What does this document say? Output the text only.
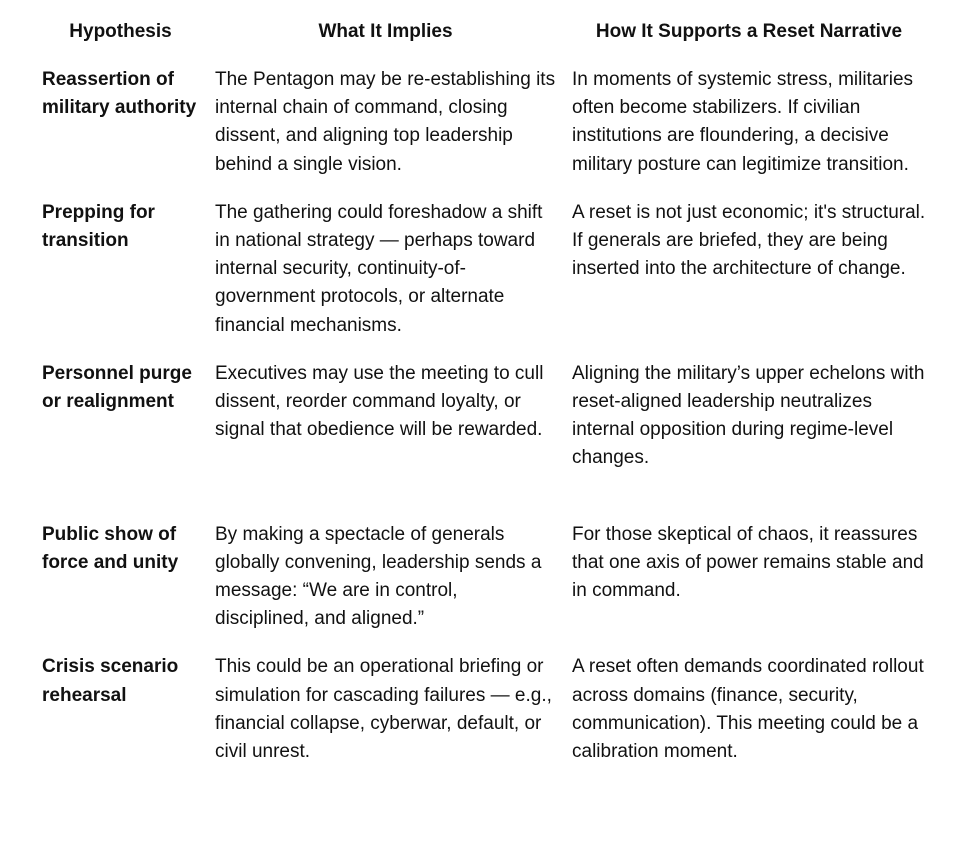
Hypothesis	What It Implies	How It Supports a Reset Narrative
Reassertion of military authority	The Pentagon may be re-establishing its internal chain of command, closing dissent, and aligning top leadership behind a single vision.	In moments of systemic stress, militaries often become stabilizers. If civilian institutions are floundering, a decisive military posture can legitimize transition.
Prepping for transition	The gathering could foreshadow a shift in national strategy — perhaps toward internal security, continuity-of-government protocols, or alternate financial mechanisms.	A reset is not just economic; it's structural. If generals are briefed, they are being inserted into the architecture of change.
Personnel purge or realignment	Executives may use the meeting to cull dissent, reorder command loyalty, or signal that obedience will be rewarded.	Aligning the military’s upper echelons with reset-aligned leadership neutralizes internal opposition during regime-level changes.
Public show of force and unity	By making a spectacle of generals globally convening, leadership sends a message: “We are in control, disciplined, and aligned.”	For those skeptical of chaos, it reassures that one axis of power remains stable and in command.
Crisis scenario rehearsal	This could be an operational briefing or simulation for cascading failures — e.g., financial collapse, cyberwar, default, or civil unrest.	A reset often demands coordinated rollout across domains (finance, security, communication). This meeting could be a calibration moment.
